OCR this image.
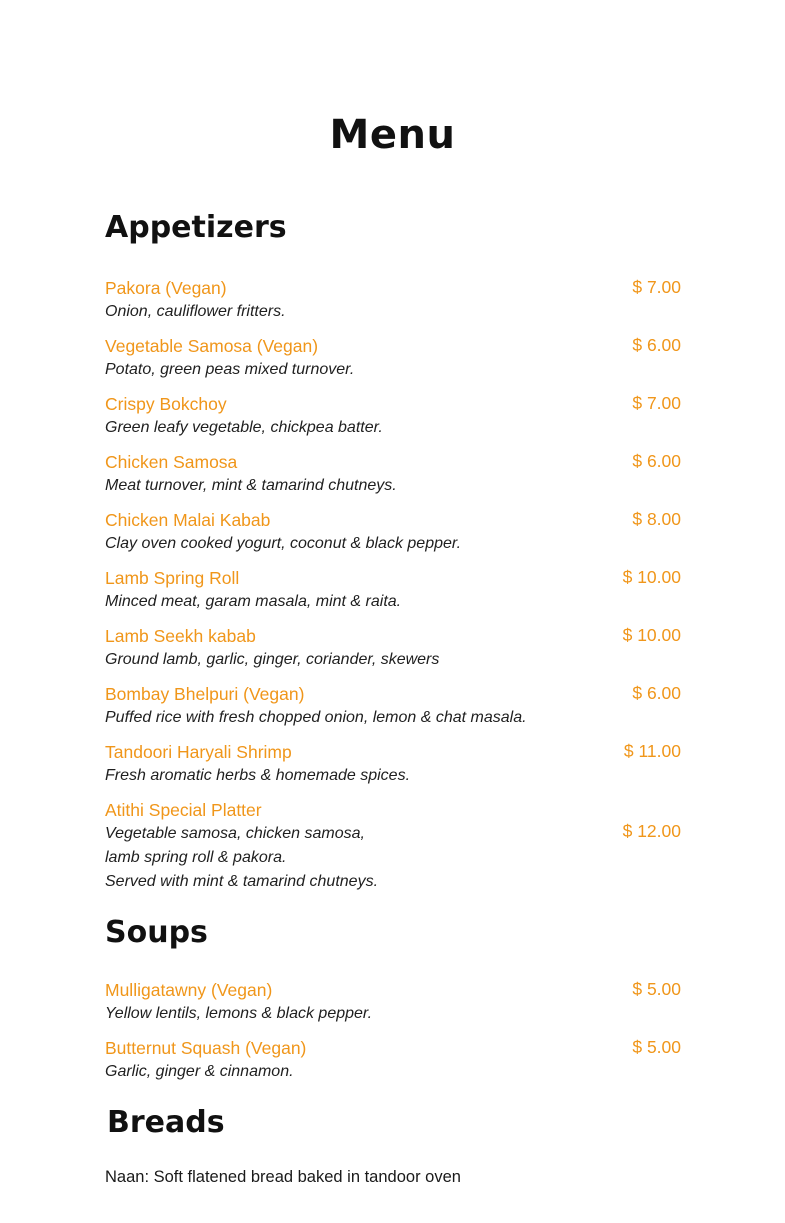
Menu
Appetizers
Pakora (Vegan)
Onion, cauliflower fritters.
$ 7.00
Vegetable Samosa (Vegan)
Potato, green peas mixed turnover.
$ 6.00
Crispy Bokchoy
Green leafy vegetable, chickpea batter.
$ 7.00
Chicken Samosa
Meat turnover, mint & tamarind chutneys.
$ 6.00
Chicken Malai Kabab
Clay oven cooked yogurt, coconut & black pepper.
$ 8.00
Lamb Spring Roll
Minced meat, garam masala, mint & raita.
$ 10.00
Lamb Seekh kabab
Ground lamb, garlic, ginger, coriander, skewers
$ 10.00
Bombay Bhelpuri (Vegan)
Puffed rice with fresh chopped onion, lemon & chat masala.
$ 6.00
Tandoori Haryali Shrimp
Fresh aromatic herbs & homemade spices.
$ 11.00
Atithi Special Platter
Vegetable samosa, chicken samosa,
lamb spring roll & pakora.
Served with mint & tamarind chutneys.
$ 12.00
Soups
Mulligatawny (Vegan)
Yellow lentils, lemons & black pepper.
$ 5.00
Butternut Squash (Vegan)
Garlic, ginger & cinnamon.
$ 5.00
Breads
Naan: Soft flatened bread baked in tandoor oven
